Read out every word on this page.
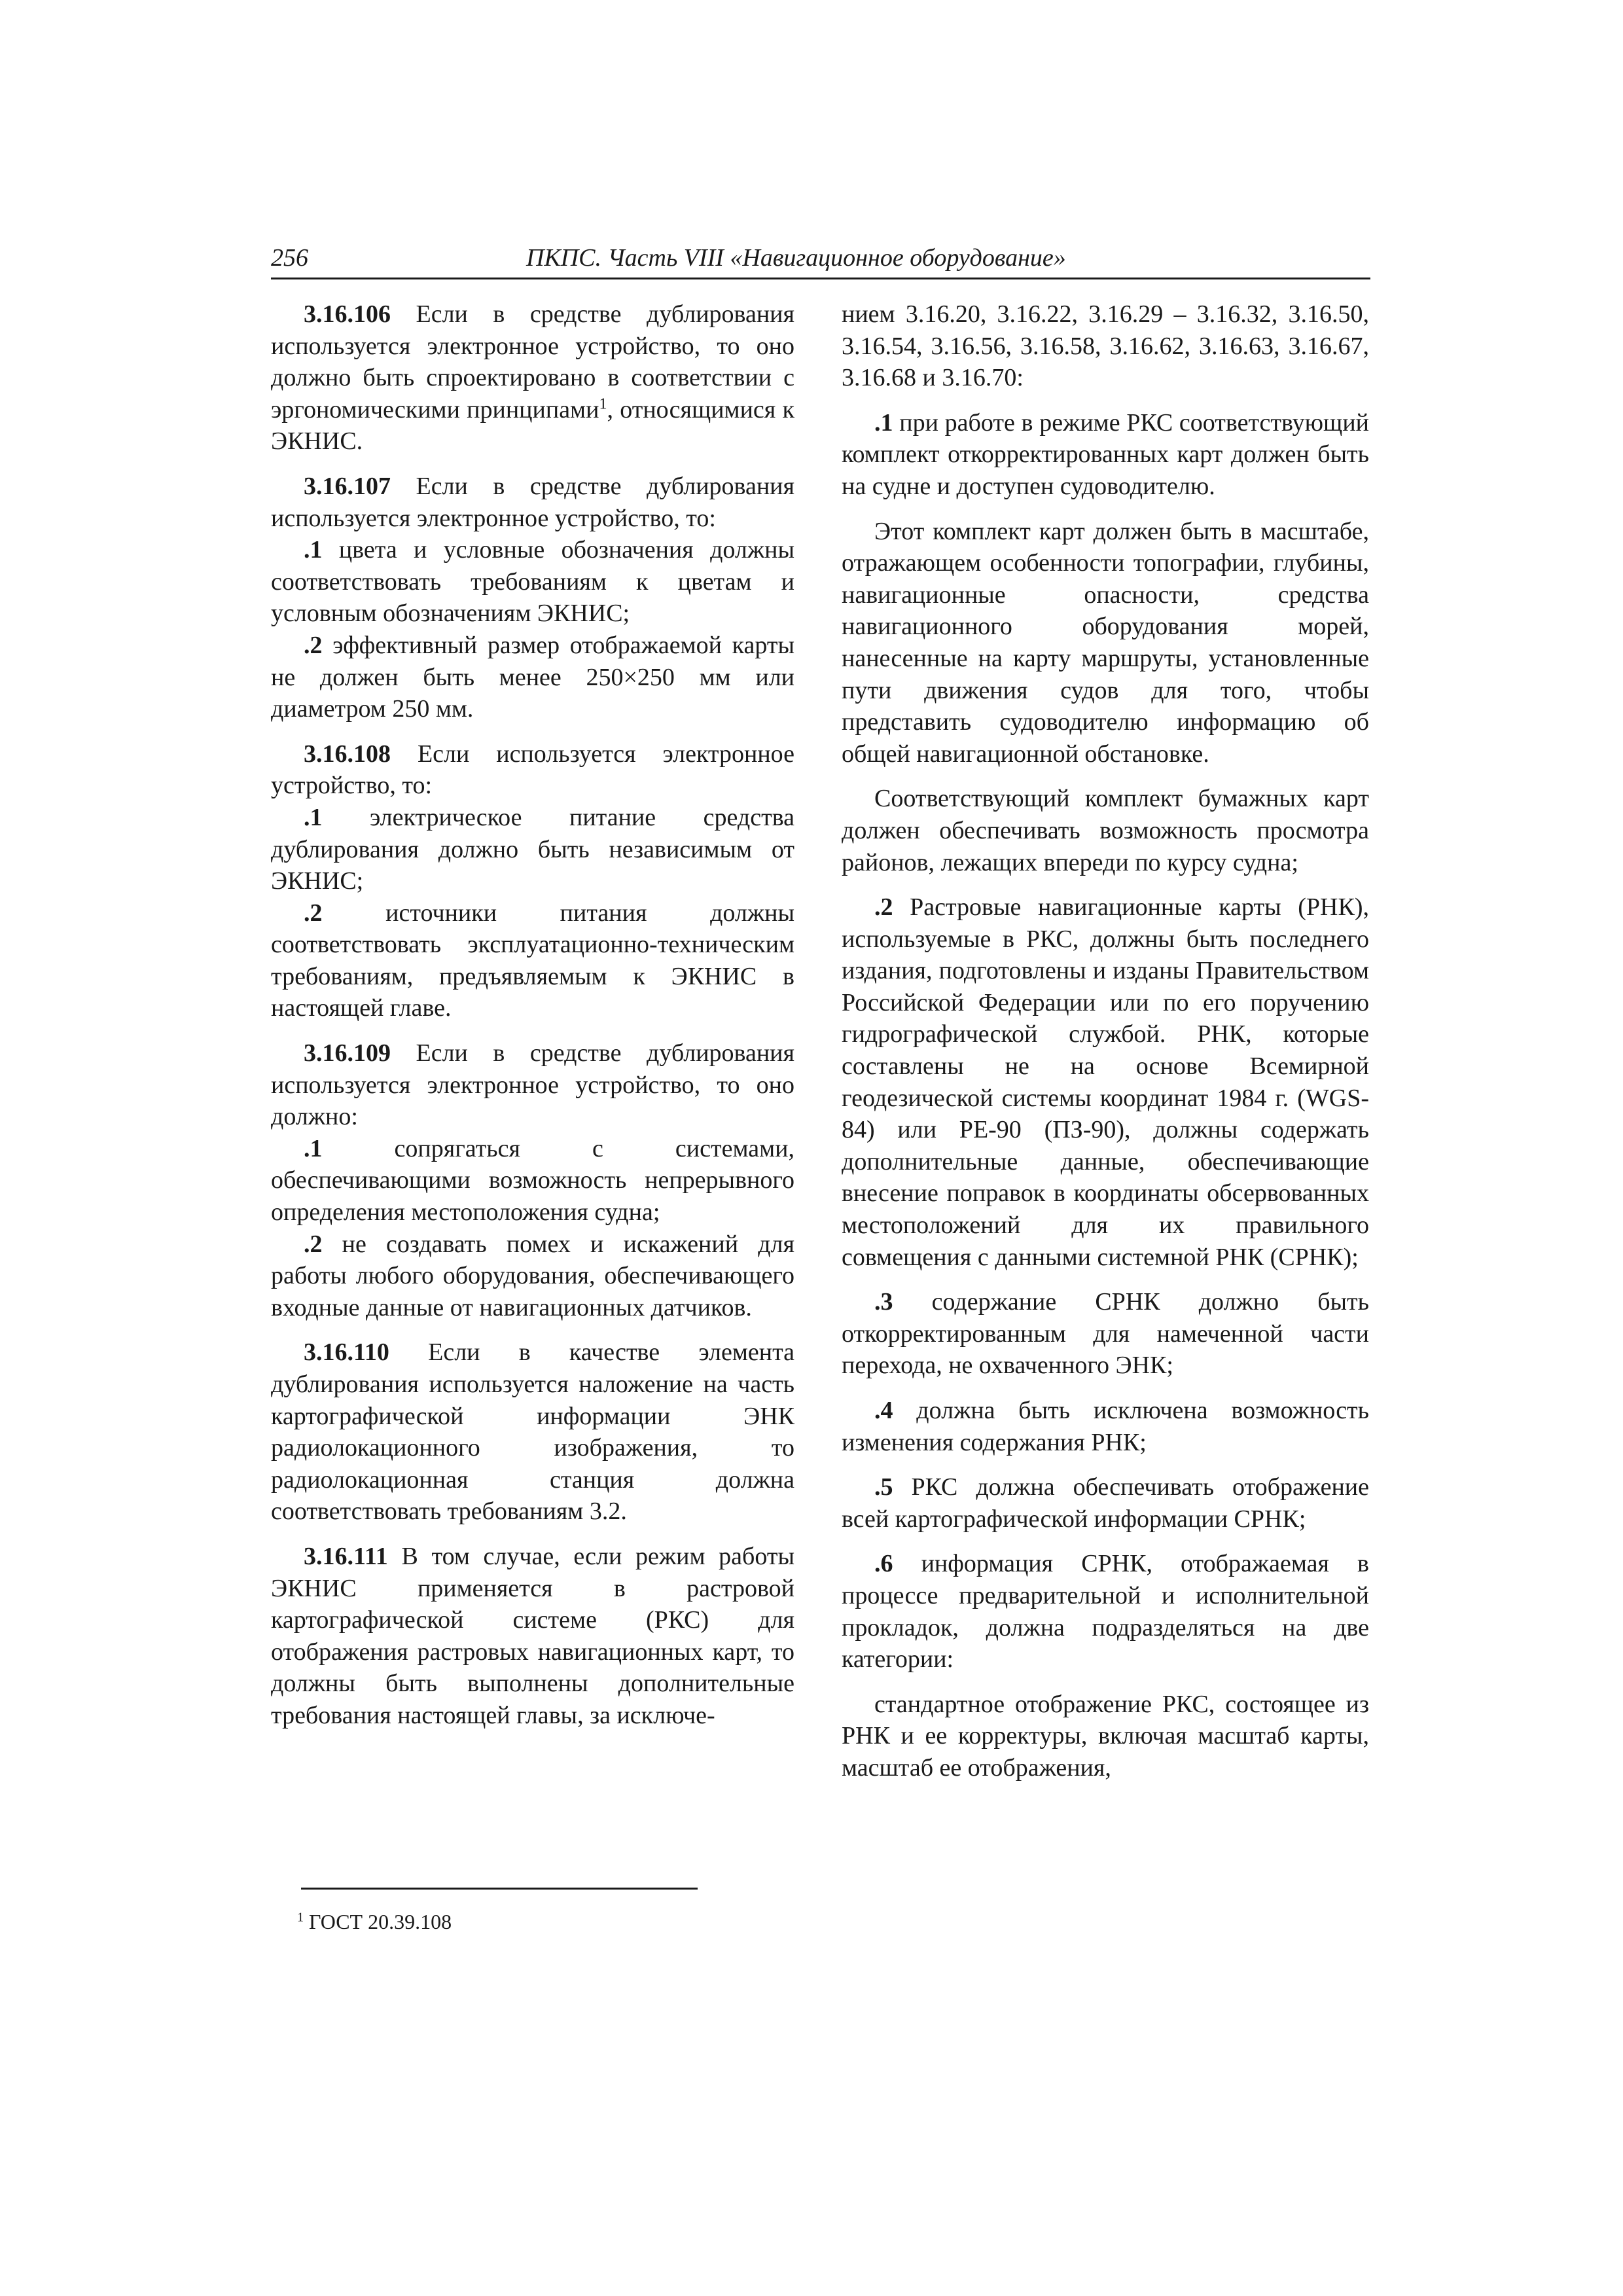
256	ПКПС. Часть VIII «Навигационное оборудование»

3.16.106 Если в средстве дублирования используется электронное устройство, то оно должно быть спроектировано в соответствии с эргономическими принципами$^1$, относящимися к ЭКНИС.

3.16.107 Если в средстве дублирования используется электронное устройство, то:

.1 цвета и условные обозначения должны соответствовать требованиям к цветам и условным обозначениям ЭКНИС;

.2 эффективный размер отображаемой карты не должен быть менее 250×250 мм или диаметром 250 мм.

3.16.108 Если используется электронное устройство, то:

.1 электрическое питание средства дублирования должно быть независимым от ЭКНИС;

.2 источники питания должны соответствовать эксплуатационно-техническим требованиям, предъявляемым к ЭКНИС в настоящей главе.

3.16.109 Если в средстве дублирования используется электронное устройство, то оно должно:

.1 сопрягаться с системами, обеспечивающими возможность непрерывного определения местоположения судна;

.2 не создавать помех и искажений для работы любого оборудования, обеспечивающего входные данные от навигационных датчиков.

3.16.110 Если в качестве элемента дублирования используется наложение на часть картографической информации ЭНК радиолокационного изображения, то радиолокационная станция должна соответствовать требованиям 3.2.

3.16.111 В том случае, если режим работы ЭКНИС применяется в растровой картографической системе (РКС) для отображения растровых навигационных карт, то должны быть выполнены дополнительные требования настоящей главы, за исключе-

нием 3.16.20, 3.16.22, 3.16.29 – 3.16.32, 3.16.50, 3.16.54, 3.16.56, 3.16.58, 3.16.62, 3.16.63, 3.16.67, 3.16.68 и 3.16.70:

.1 при работе в режиме РКС соответствующий комплект откорректированных карт должен быть на судне и доступен судоводителю.

Этот комплект карт должен быть в масштабе, отражающем особенности топографии, глубины, навигационные опасности, средства навигационного оборудования морей, нанесенные на карту маршруты, установленные пути движения судов для того, чтобы представить судоводителю информацию об общей навигационной обстановке.

Соответствующий комплект бумажных карт должен обеспечивать возможность просмотра районов, лежащих впереди по курсу судна;

.2 Растровые навигационные карты (РНК), используемые в РКС, должны быть последнего издания, подготовлены и изданы Правительством Российской Федерации или по его поручению гидрографической службой. РНК, которые составлены не на основе Всемирной геодезической системы координат 1984 г. (WGS-84) или PE-90 (ПЗ-90), должны содержать дополнительные данные, обеспечивающие внесение поправок в координаты обсервованных местоположений для их правильного совмещения с данными системной РНК (СРНК);

.3 содержание СРНК должно быть откорректированным для намеченной части перехода, не охваченного ЭНК;

.4 должна быть исключена возможность изменения содержания РНК;

.5 РКС должна обеспечивать отображение всей картографической информации СРНК;

.6 информация СРНК, отображаемая в процессе предварительной и исполнительной прокладок, должна подразделяться на две категории:

стандартное отображение РКС, состоящее из РНК и ее корректуры, включая масштаб карты, масштаб ее отображения,

$^1$ ГОСТ 20.39.108
